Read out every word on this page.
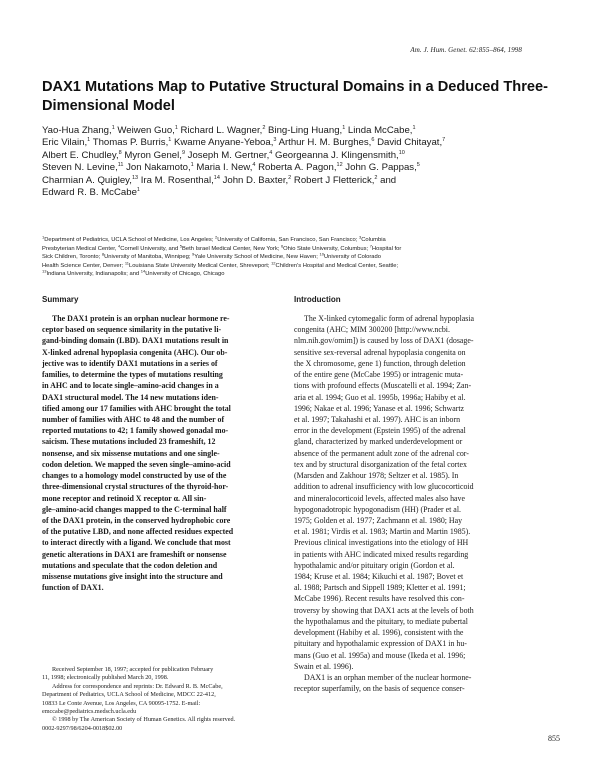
Am. J. Hum. Genet. 62:855–864, 1998
DAX1 Mutations Map to Putative Structural Domains in a Deduced Three-
Dimensional Model
Yao-Hua Zhang,$^1$ Weiwen Guo,$^1$ Richard L. Wagner,$^2$ Bing-Ling Huang,$^1$ Linda McCabe,$^1$
Eric Vilain,$^1$ Thomas P. Burris,$^1$ Kwame Anyane-Yeboa,$^3$ Arthur H. M. Burghes,$^6$ David Chitayat,$^7$
Albert E. Chudley,$^8$ Myron Genel,$^9$ Joseph M. Gertner,$^4$ Georgeanna J. Klingensmith,$^{10}$
Steven N. Levine,$^{11}$ Jon Nakamoto,$^1$ Maria I. New,$^4$ Roberta A. Pagon,$^{12}$ John G. Pappas,$^5$
Charmian A. Quigley,$^{13}$ Ira M. Rosenthal,$^{14}$ John D. Baxter,$^2$ Robert J Fletterick,$^2$ and
Edward R. B. McCabe$^1$
$^1$Department of Pediatrics, UCLA School of Medicine, Los Angeles; $^2$University of California, San Francisco, San Francisco; $^3$Columbia
Presbyterian Medical Center, $^4$Cornell University, and $^5$Beth Israel Medical Center, New York; $^6$Ohio State University, Columbus; $^7$Hospital for
Sick Children, Toronto; $^8$University of Manitoba, Winnipeg; $^9$Yale University School of Medicine, New Haven; $^{10}$University of Colorado
Health Science Center, Denver; $^{11}$Louisiana State University Medical Center, Shreveport; $^{12}$Children's Hospital and Medical Center, Seattle;
$^{13}$Indiana University, Indianapolis; and $^{14}$University of Chicago, Chicago
Summary	Introduction
The DAX1 protein is an orphan nuclear hormone re-
ceptor based on sequence similarity in the putative li-
gand-binding domain (LBD). DAX1 mutations result in
X-linked adrenal hypoplasia congenita (AHC). Our ob-
jective was to identify DAX1 mutations in a series of
families, to determine the types of mutations resulting
in AHC and to locate single–amino-acid changes in a
DAX1 structural model. The 14 new mutations iden-
tified among our 17 families with AHC brought the total
number of families with AHC to 48 and the number of
reported mutations to 42; 1 family showed gonadal mo-
saicism. These mutations included 23 frameshift, 12
nonsense, and six missense mutations and one single-
codon deletion. We mapped the seven single–amino-acid
changes to a homology model constructed by use of the
three-dimensional crystal structures of the thyroid-hor-
mone receptor and retinoid X receptor α. All sin-
gle–amino-acid changes mapped to the C-terminal half
of the DAX1 protein, in the conserved hydrophobic core
of the putative LBD, and none affected residues expected
to interact directly with a ligand. We conclude that most
genetic alterations in DAX1 are frameshift or nonsense
mutations and speculate that the codon deletion and
missense mutations give insight into the structure and
function of DAX1.
The X-linked cytomegalic form of adrenal hypoplasia
congenita (AHC; MIM 300200 [http://www.ncbi.
nlm.nih.gov/omim]) is caused by loss of DAX1 (dosage-
sensitive sex-reversal adrenal hypoplasia congenita on
the X chromosome, gene 1) function, through deletion
of the entire gene (McCabe 1995) or intragenic muta-
tions with profound effects (Muscatelli et al. 1994; Zan-
aria et al. 1994; Guo et al. 1995b, 1996a; Habiby et al.
1996; Nakae et al. 1996; Yanase et al. 1996; Schwartz
et al. 1997; Takahashi et al. 1997). AHC is an inborn
error in the development (Epstein 1995) of the adrenal
gland, characterized by marked underdevelopment or
absence of the permanent adult zone of the adrenal cor-
tex and by structural disorganization of the fetal cortex
(Marsden and Zakhour 1978; Seltzer et al. 1985). In
addition to adrenal insufficiency with low glucocorticoid
and mineralocorticoid levels, affected males also have
hypogonadotropic hypogonadism (HH) (Prader et al.
1975; Golden et al. 1977; Zachmann et al. 1980; Hay
et al. 1981; Virdis et al. 1983; Martin and Martin 1985).
Previous clinical investigations into the etiology of HH
in patients with AHC indicated mixed results regarding
hypothalamic and/or pituitary origin (Gordon et al.
1984; Kruse et al. 1984; Kikuchi et al. 1987; Bovet et
al. 1988; Partsch and Sippell 1989; Kletter et al. 1991;
McCabe 1996). Recent results have resolved this con-
troversy by showing that DAX1 acts at the levels of both
the hypothalamus and the pituitary, to mediate pubertal
development (Habiby et al. 1996), consistent with the
pituitary and hypothalamic expression of DAX1 in hu-
mans (Guo et al. 1995a) and mouse (Ikeda et al. 1996;
Swain et al. 1996).
DAX1 is an orphan member of the nuclear hormone-
receptor superfamily, on the basis of sequence conser-
Received September 18, 1997; accepted for publication February
11, 1998; electronically published March 20, 1998.
Address for correspondence and reprints: Dr. Edward R. B. McCabe,
Department of Pediatrics, UCLA School of Medicine, MDCC 22-412,
10833 Le Conte Avenue, Los Angeles, CA 90095-1752. E-mail:
emccabe@pediatrics.medsch.ucla.edu
© 1998 by The American Society of Human Genetics. All rights reserved.
0002-9297/98/6204-0018$02.00
855
